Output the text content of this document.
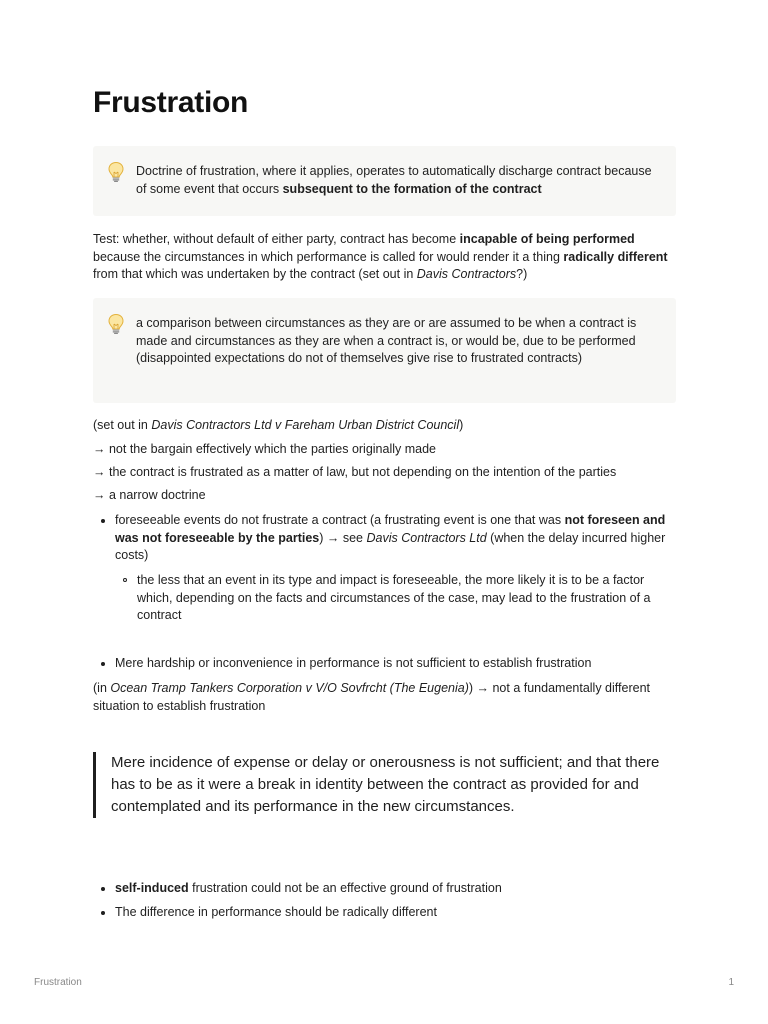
Frustration
Doctrine of frustration, where it applies, operates to automatically discharge contract because of some event that occurs subsequent to the formation of the contract

Test: whether, without default of either party, contract has become incapable of being performed because the circumstances in which performance is called for would render it a thing radically different from that which was undertaken by the contract (set out in Davis Contractors?)

a comparison between circumstances as they are or are assumed to be when a contract is made and circumstances as they are when a contract is, or would be, due to be performed (disappointed expectations do not of themselves give rise to frustrated contracts)
(set out in Davis Contractors Ltd v Fareham Urban District Council)
→ not the bargain effectively which the parties originally made
→ the contract is frustrated as a matter of law, but not depending on the intention of the parties
→ a narrow doctrine
foreseeable events do not frustrate a contract (a frustrating event is one that was not foreseen and was not foreseeable by the parties) → see Davis Contractors Ltd (when the delay incurred higher costs)
the less that an event in its type and impact is foreseeable, the more likely it is to be a factor which, depending on the facts and circumstances of the case, may lead to the frustration of a contract
Mere hardship or inconvenience in performance is not sufficient to establish frustration

(in Ocean Tramp Tankers Corporation v V/O Sovfrcht (The Eugenia)) → not a fundamentally different situation to establish frustration

Mere incidence of expense or delay or onerousness is not sufficient; and that there has to be as it were a break in identity between the contract as provided for and contemplated and its performance in the new circumstances.
self-induced frustration could not be an effective ground of frustration
The difference in performance should be radically different
Frustration	1
